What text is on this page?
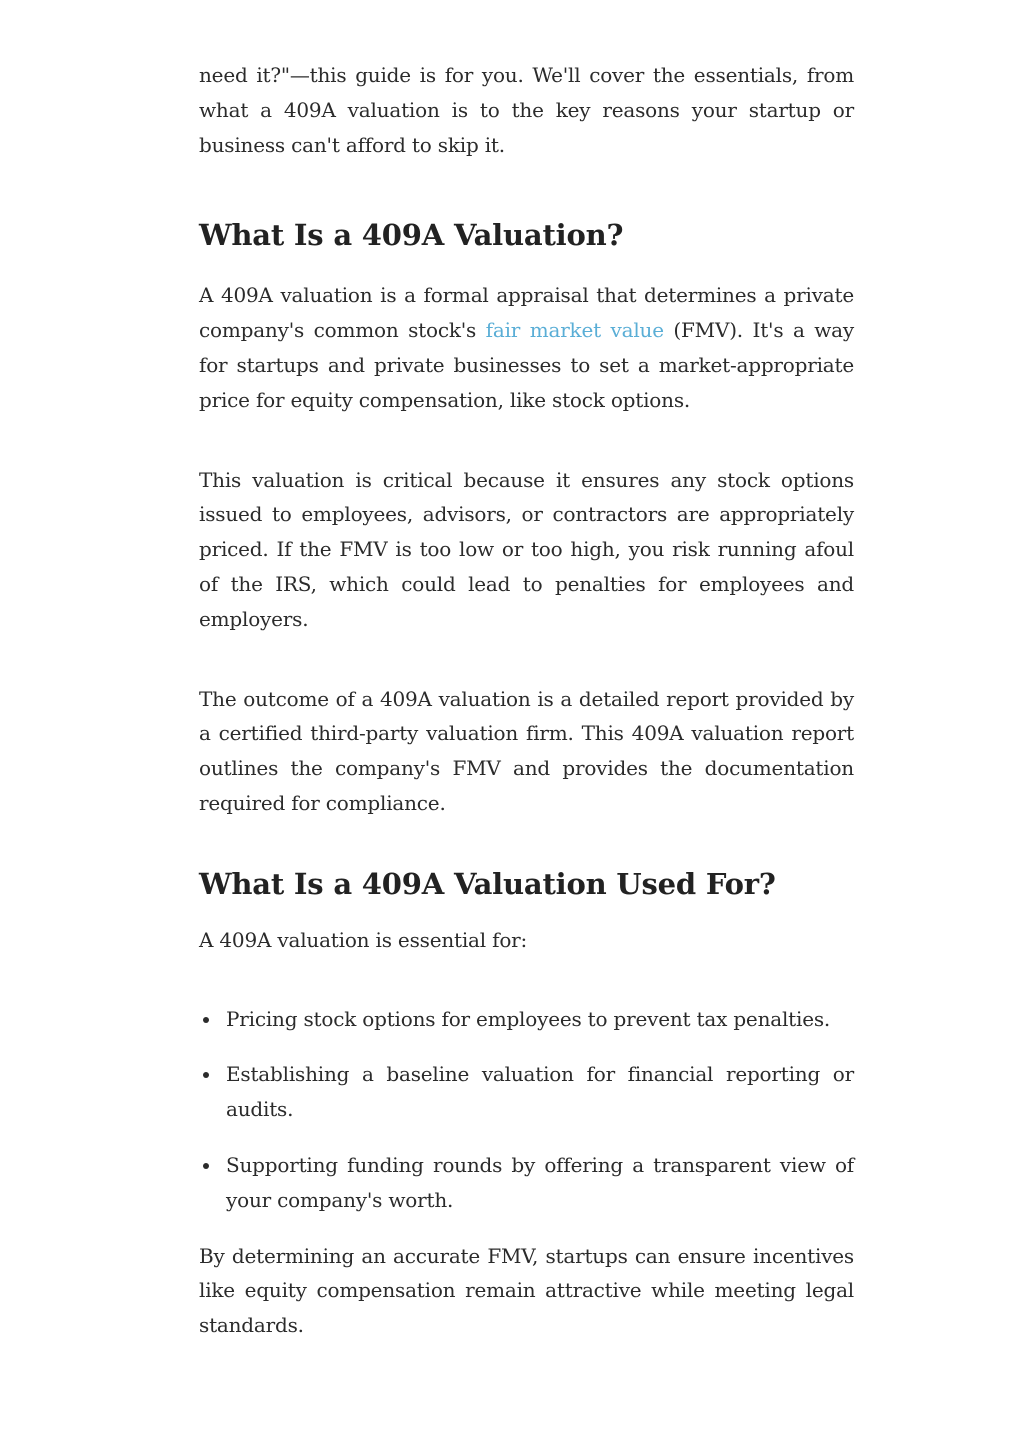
need it?"—this guide is for you. We'll cover the essentials, from what a 409A valuation is to the key reasons your startup or business can't afford to skip it.

What Is a 409A Valuation?

A 409A valuation is a formal appraisal that determines a private company's common stock's fair market value (FMV). It's a way for startups and private businesses to set a market-appropriate price for equity compensation, like stock options.

This valuation is critical because it ensures any stock options issued to employees, advisors, or contractors are appropriately priced. If the FMV is too low or too high, you risk running afoul of the IRS, which could lead to penalties for employees and employers.

The outcome of a 409A valuation is a detailed report provided by a certified third-party valuation firm. This 409A valuation report outlines the company's FMV and provides the documentation required for compliance.

What Is a 409A Valuation Used For?

A 409A valuation is essential for:

Pricing stock options for employees to prevent tax penalties.
Establishing a baseline valuation for financial reporting or audits.
Supporting funding rounds by offering a transparent view of your company's worth.

By determining an accurate FMV, startups can ensure incentives like equity compensation remain attractive while meeting legal standards.
